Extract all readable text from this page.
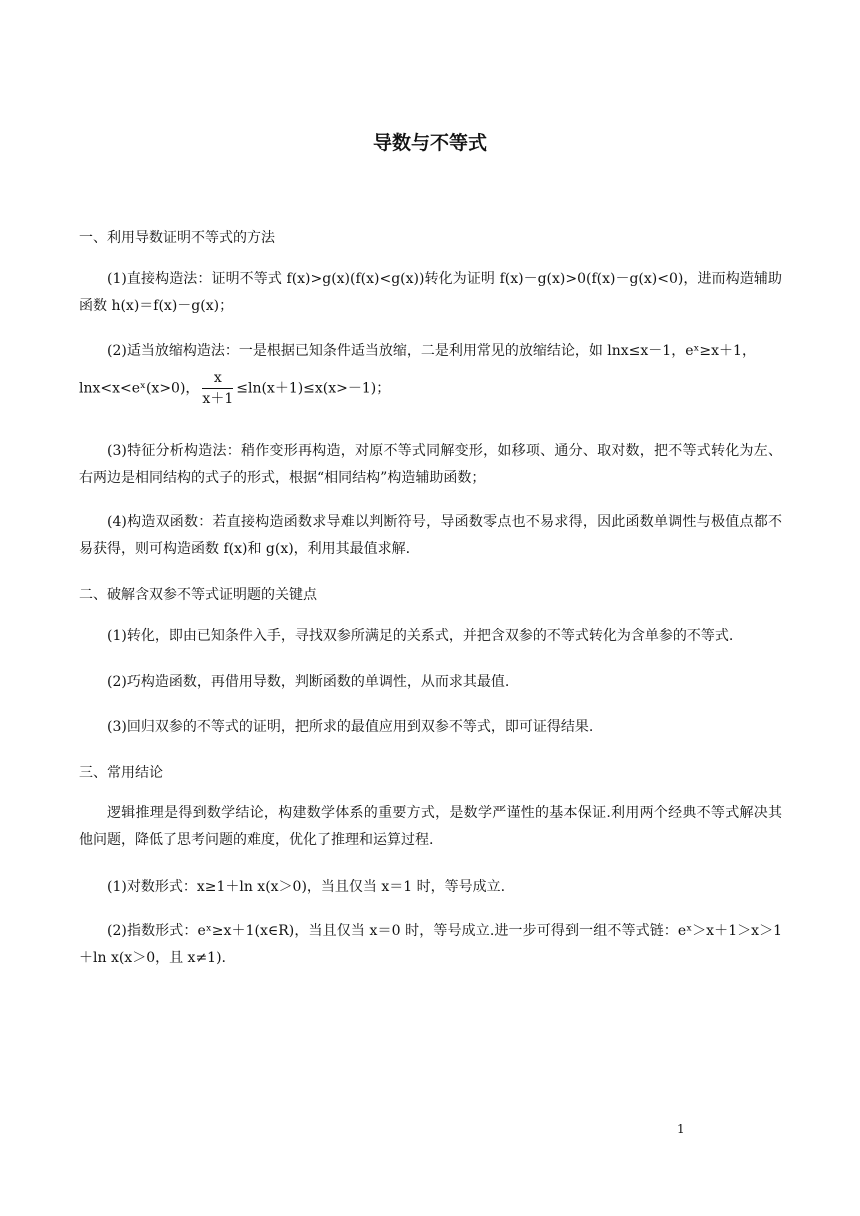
导数与不等式
一、利用导数证明不等式的方法
(1)直接构造法：证明不等式 f(x)>g(x)(f(x)<g(x))转化为证明 f(x)－g(x)>0(f(x)－g(x)<0)，进而构造辅助函数 h(x)＝f(x)－g(x)；
(2)适当放缩构造法：一是根据已知条件适当放缩，二是利用常见的放缩结论，如 lnx≤x－1，eˣ≥x＋1，
lnx<x<eˣ(x>0)， $\frac{x}{x+1} \le\ln(x+1)\le x(x>-1)$；
(3)特征分析构造法：稍作变形再构造，对原不等式同解变形，如移项、通分、取对数，把不等式转化为左、右两边是相同结构的式子的形式，根据“相同结构”构造辅助函数；
(4)构造双函数：若直接构造函数求导难以判断符号，导函数零点也不易求得，因此函数单调性与极值点都不易获得，则可构造函数 f(x)和 g(x)，利用其最值求解.
二、破解含双参不等式证明题的关键点
(1)转化，即由已知条件入手，寻找双参所满足的关系式，并把含双参的不等式转化为含单参的不等式.
(2)巧构造函数，再借用导数，判断函数的单调性，从而求其最值.
(3)回归双参的不等式的证明，把所求的最值应用到双参不等式，即可证得结果.
三、常用结论
逻辑推理是得到数学结论，构建数学体系的重要方式，是数学严谨性的基本保证.利用两个经典不等式解决其他问题，降低了思考问题的难度，优化了推理和运算过程.
(1)对数形式：x≥1＋ln x(x＞0)，当且仅当 x＝1 时，等号成立.
(2)指数形式：eˣ≥x＋1(x∈R)，当且仅当 x＝0 时，等号成立.进一步可得到一组不等式链：eˣ＞x＋1＞x＞1＋ln x(x＞0，且 x≠1).
1
